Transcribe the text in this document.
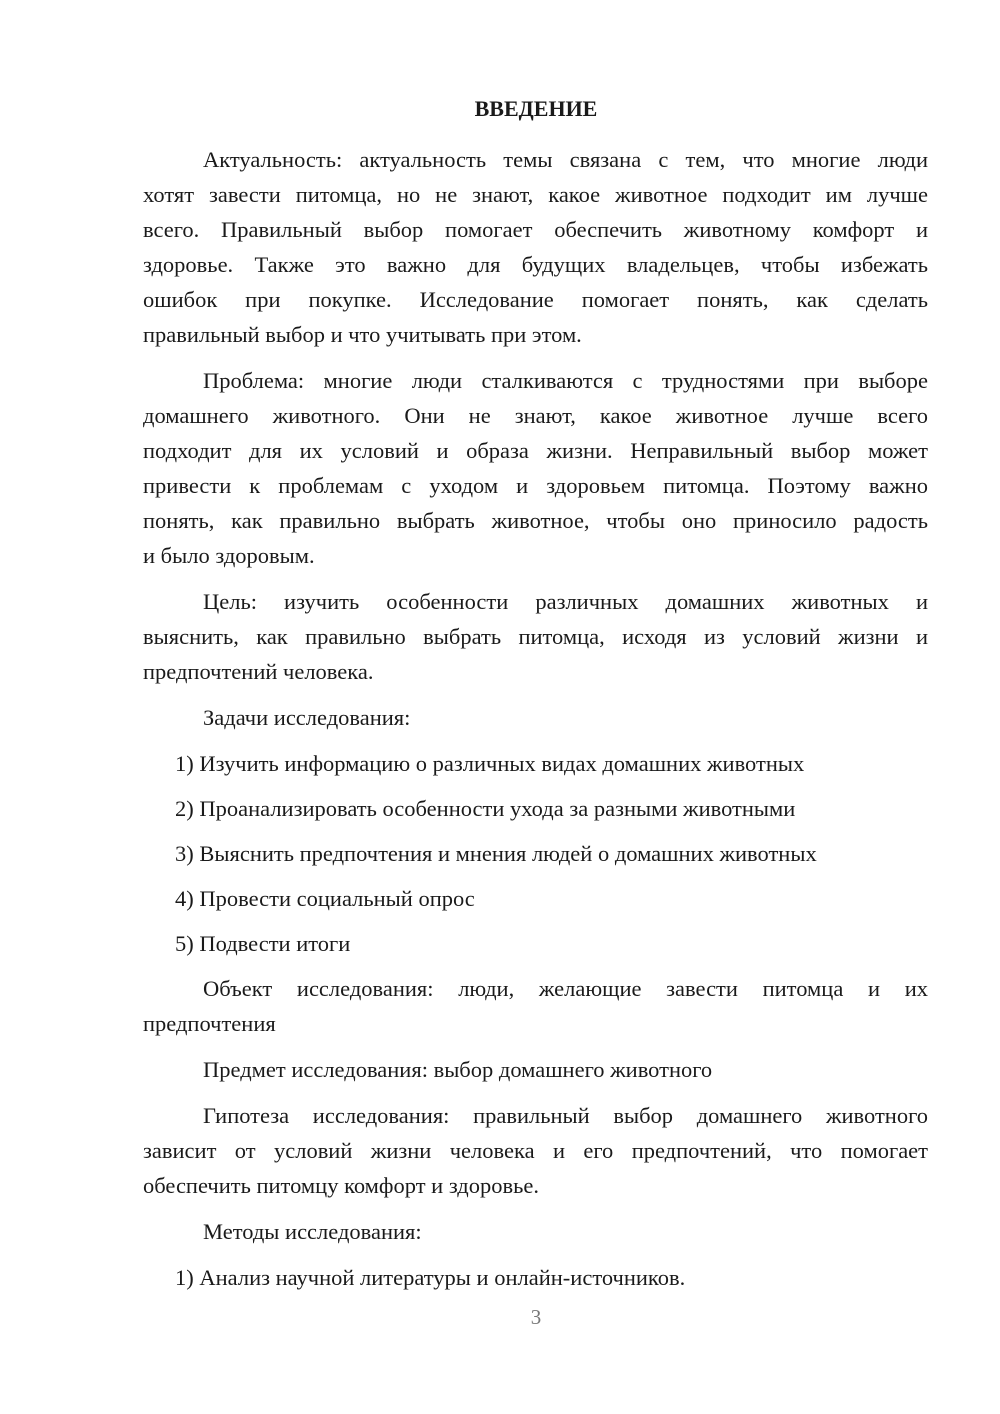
ВВЕДЕНИЕ
Актуальность: актуальность темы связана с тем, что многие люди
хотят завести питомца, но не знают, какое животное подходит им лучше
всего. Правильный выбор помогает обеспечить животному комфорт и
здоровье. Также это важно для будущих владельцев, чтобы избежать
ошибок при покупке. Исследование помогает понять, как сделать
правильный выбор и что учитывать при этом.
Проблема: многие люди сталкиваются с трудностями при выборе
домашнего животного. Они не знают, какое животное лучше всего
подходит для их условий и образа жизни. Неправильный выбор может
привести к проблемам с уходом и здоровьем питомца. Поэтому важно
понять, как правильно выбрать животное, чтобы оно приносило радость
и было здоровым.
Цель: изучить особенности различных домашних животных и
выяснить, как правильно выбрать питомца, исходя из условий жизни и
предпочтений человека.
Задачи исследования:
1) Изучить информацию о различных видах домашних животных
2) Проанализировать особенности ухода за разными животными
3) Выяснить предпочтения и мнения людей о домашних животных
4) Провести социальный опрос
5) Подвести итоги
Объект исследования: люди, желающие завести питомца и их
предпочтения
Предмет исследования: выбор домашнего животного
Гипотеза исследования: правильный выбор домашнего животного
зависит от условий жизни человека и его предпочтений, что помогает
обеспечить питомцу комфорт и здоровье.
Методы исследования:
1) Анализ научной литературы и онлайн-источников.
3
